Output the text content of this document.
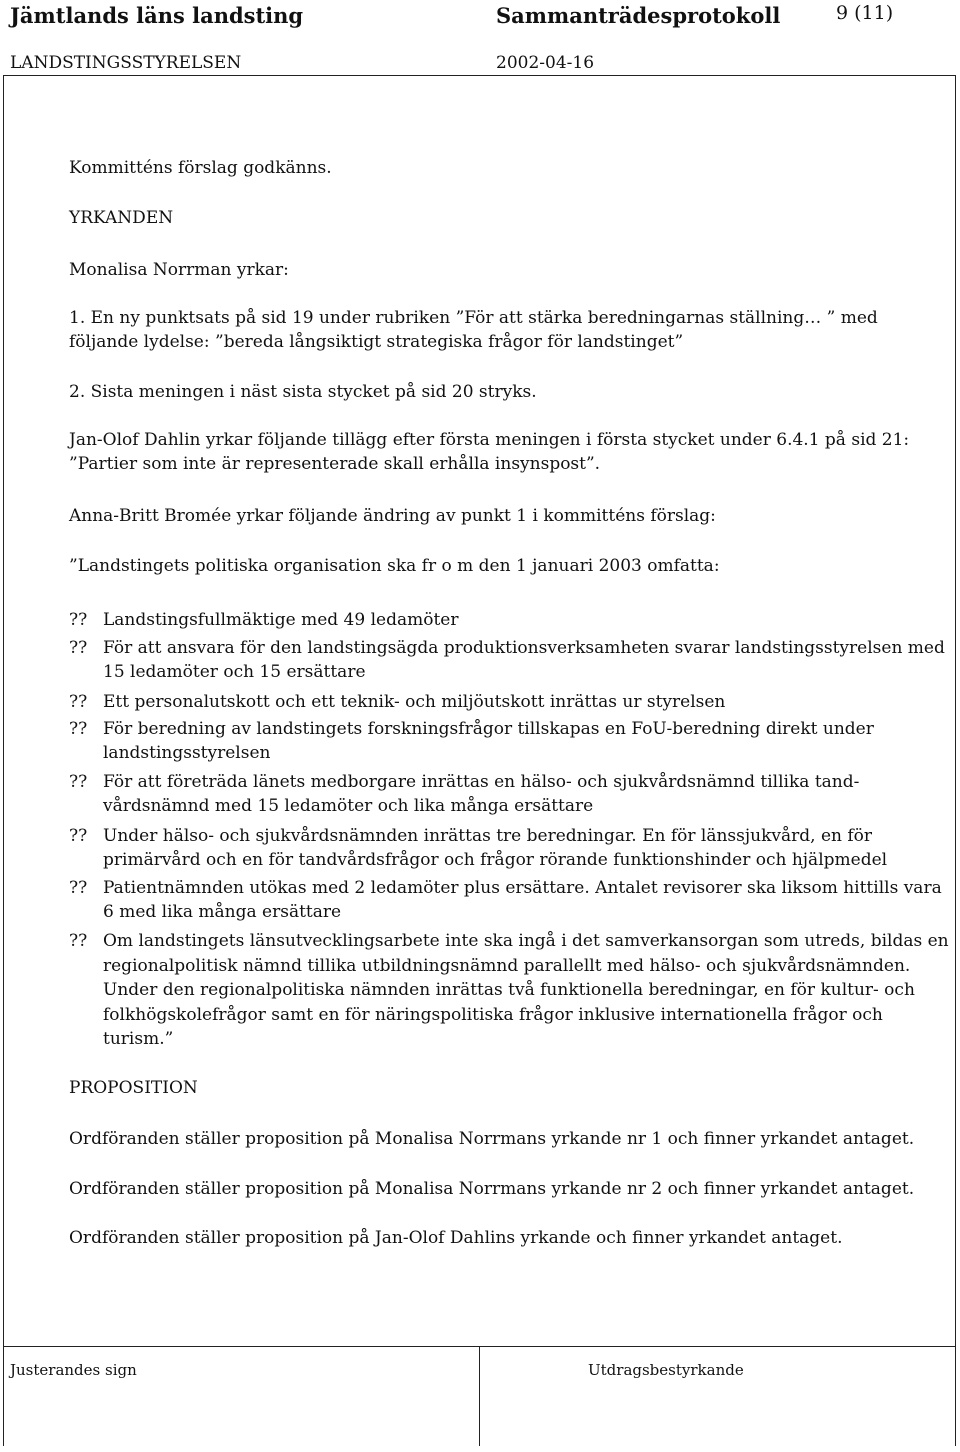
Jämtlands läns landsting	Sammanträdesprotokoll	9 (11)
LANDSTINGSSTYRELSEN	2002-04-16
Kommitténs förslag godkänns.
YRKANDEN
Monalisa Norrman yrkar:
1. En ny punktsats på sid 19 under rubriken ”För att stärka beredningarnas ställning… ” med
följande lydelse: ”bereda långsiktigt strategiska frågor för landstinget”
2. Sista meningen i näst sista stycket på sid 20 stryks.
Jan-Olof Dahlin yrkar följande tillägg efter första meningen i första stycket under 6.4.1 på sid 21:
”Partier som inte är representerade skall erhålla insynspost”.
Anna-Britt Bromée yrkar följande ändring av punkt 1 i kommitténs förslag:
”Landstingets politiska organisation ska fr o m den 1 januari 2003 omfatta:
?? Landstingsfullmäktige med 49 ledamöter
?? För att ansvara för den landstingsägda produktionsverksamheten svarar landstingsstyrelsen med
15 ledamöter och 15 ersättare
?? Ett personalutskott och ett teknik- och miljöutskott inrättas ur styrelsen
?? För beredning av landstingets forskningsfrågor tillskapas en FoU-beredning direkt under
landstingsstyrelsen
?? För att företräda länets medborgare inrättas en hälso- och sjukvårdsnämnd tillika tand-
vårdsnämnd med 15 ledamöter och lika många ersättare
?? Under hälso- och sjukvårdsnämnden inrättas tre beredningar. En för länssjukvård, en för
primärvård och en för tandvårdsfrågor och frågor rörande funktionshinder och hjälpmedel
?? Patientnämnden utökas med 2 ledamöter plus ersättare. Antalet revisorer ska liksom hittills vara
6 med lika många ersättare
?? Om landstingets länsutvecklingsarbete inte ska ingå i det samverkansorgan som utreds, bildas en
regionalpolitisk nämnd tillika utbildningsnämnd parallellt med hälso- och sjukvårdsnämnden.
Under den regionalpolitiska nämnden inrättas två funktionella beredningar, en för kultur- och
folkhögskolefrågor samt en för näringspolitiska frågor inklusive internationella frågor och
turism.”
PROPOSITION
Ordföranden ställer proposition på Monalisa Norrmans yrkande nr 1 och finner yrkandet antaget.
Ordföranden ställer proposition på Monalisa Norrmans yrkande nr 2 och finner yrkandet antaget.
Ordföranden ställer proposition på Jan-Olof Dahlins yrkande och finner yrkandet antaget.
Justerandes sign	Utdragsbestyrkande
